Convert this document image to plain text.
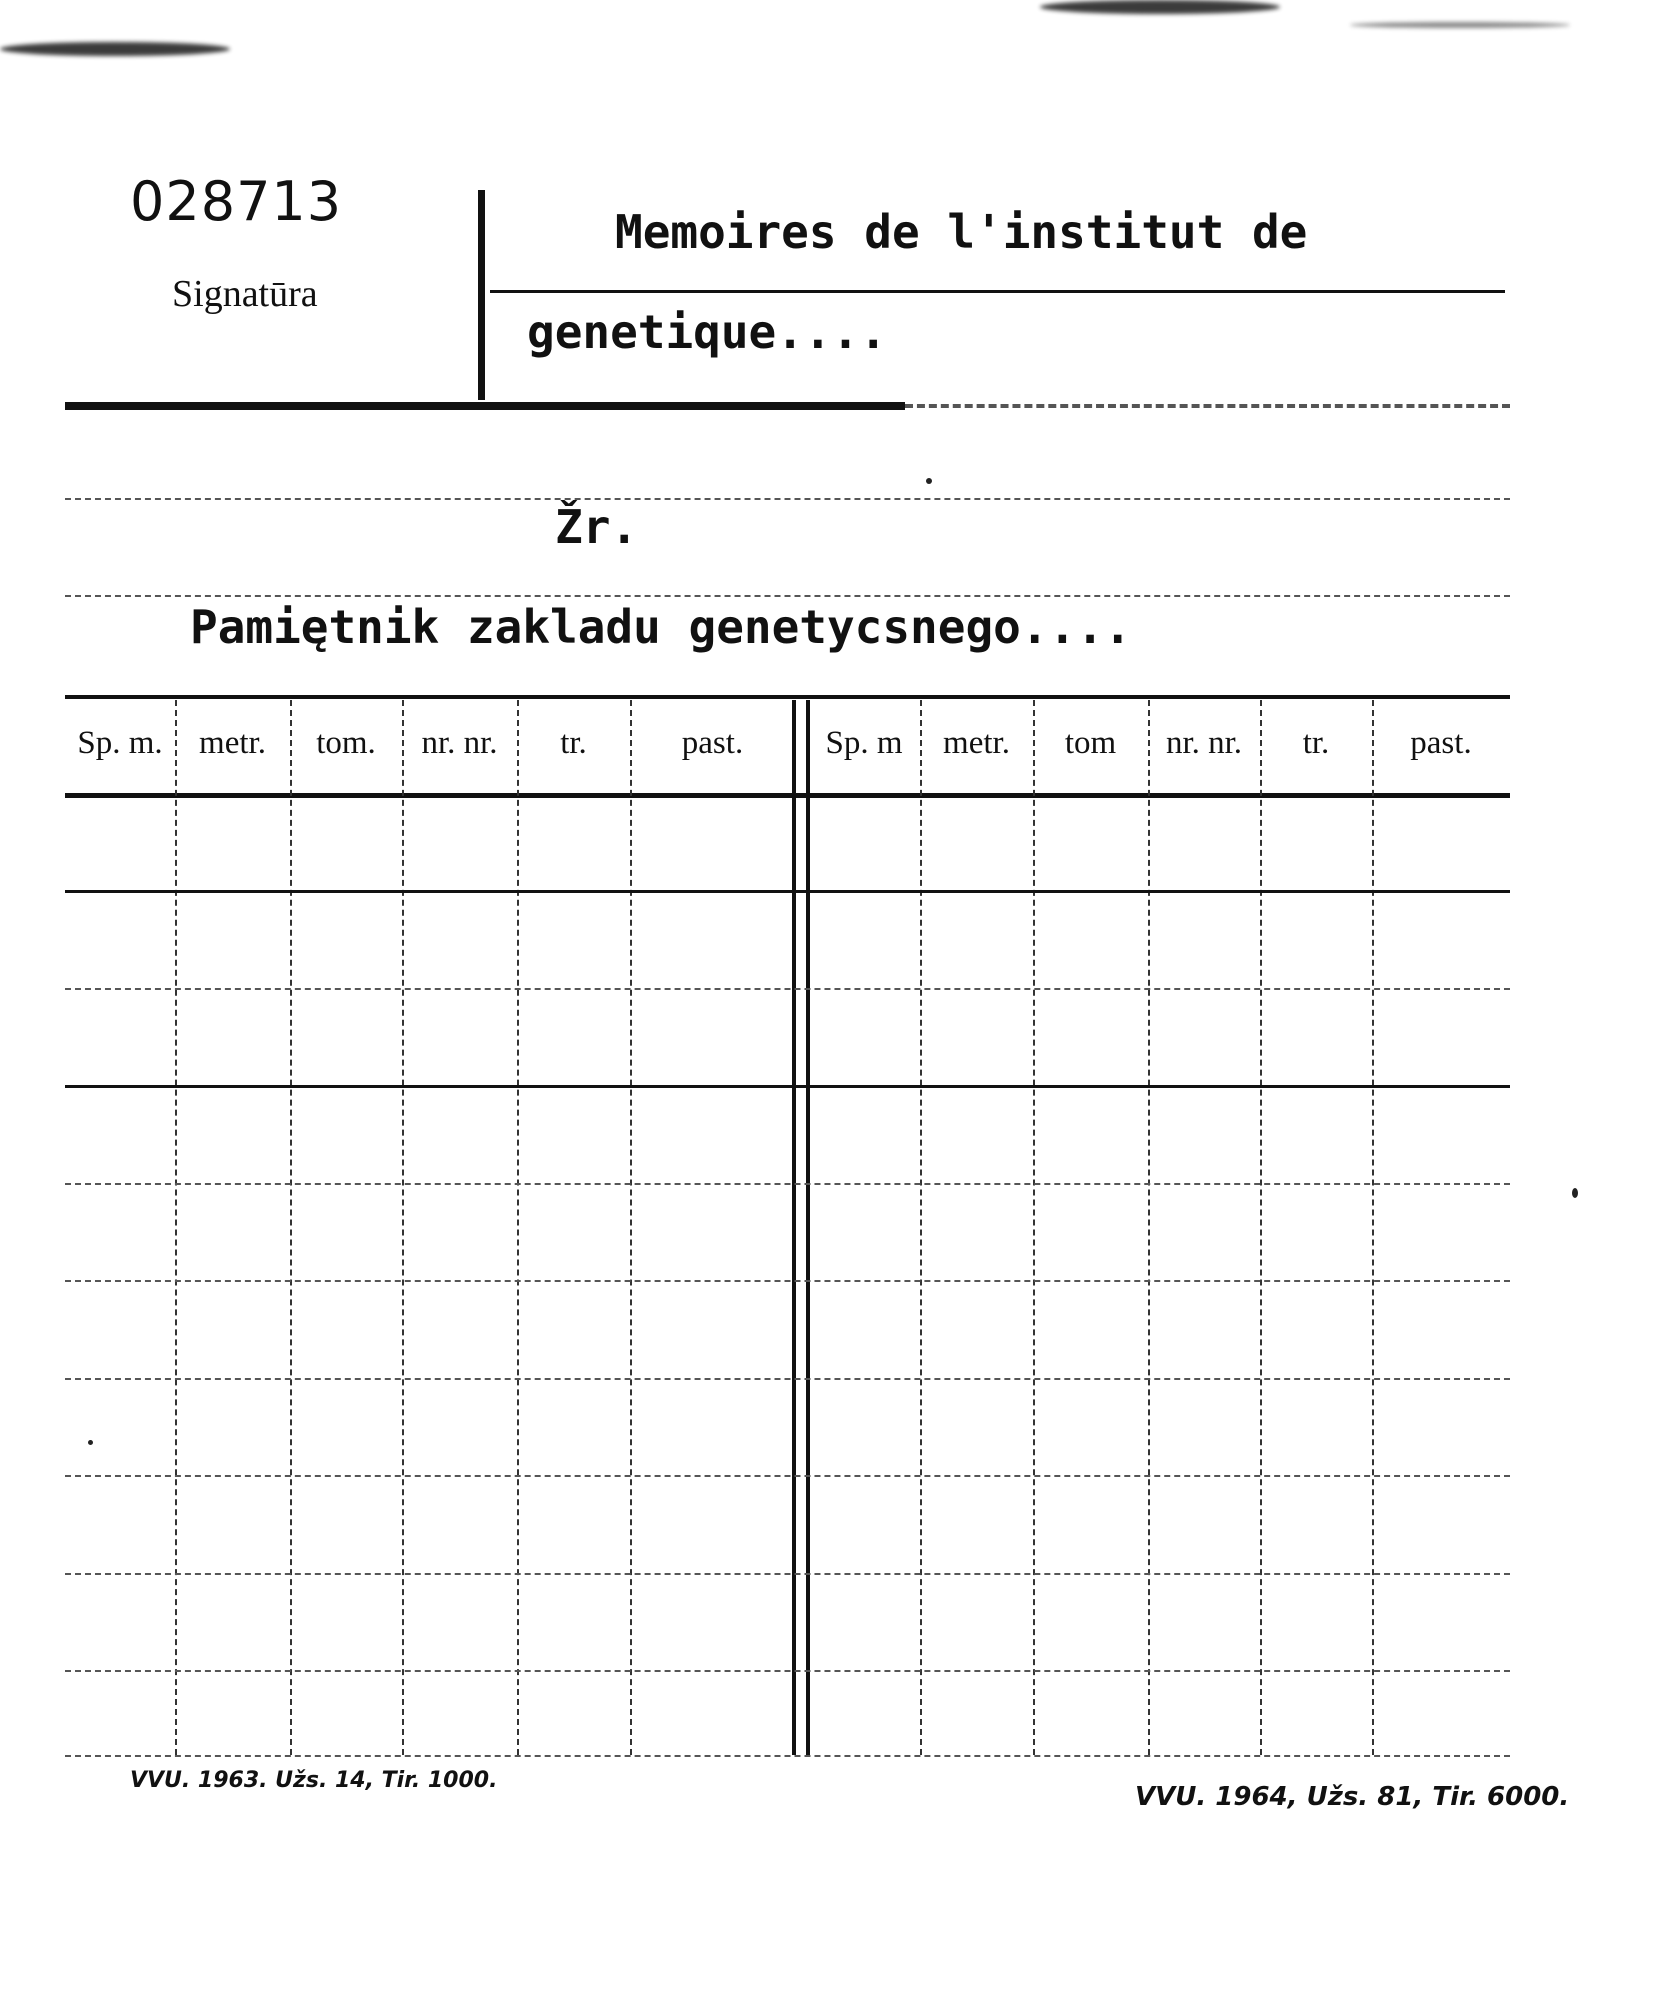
028713
Signatūra
Memoires de l'institut de
genetique....
Žr.
Pamiętnik zakladu genetycsnego....
Sp. m.	metr.	tom.	nr. nr.	tr.	past.	Sp. m	metr.	tom	nr. nr.	tr.	past.
VVU. 1963. Užs. 14, Tir. 1000.
VVU. 1964, Užs. 81, Tir. 6000.
